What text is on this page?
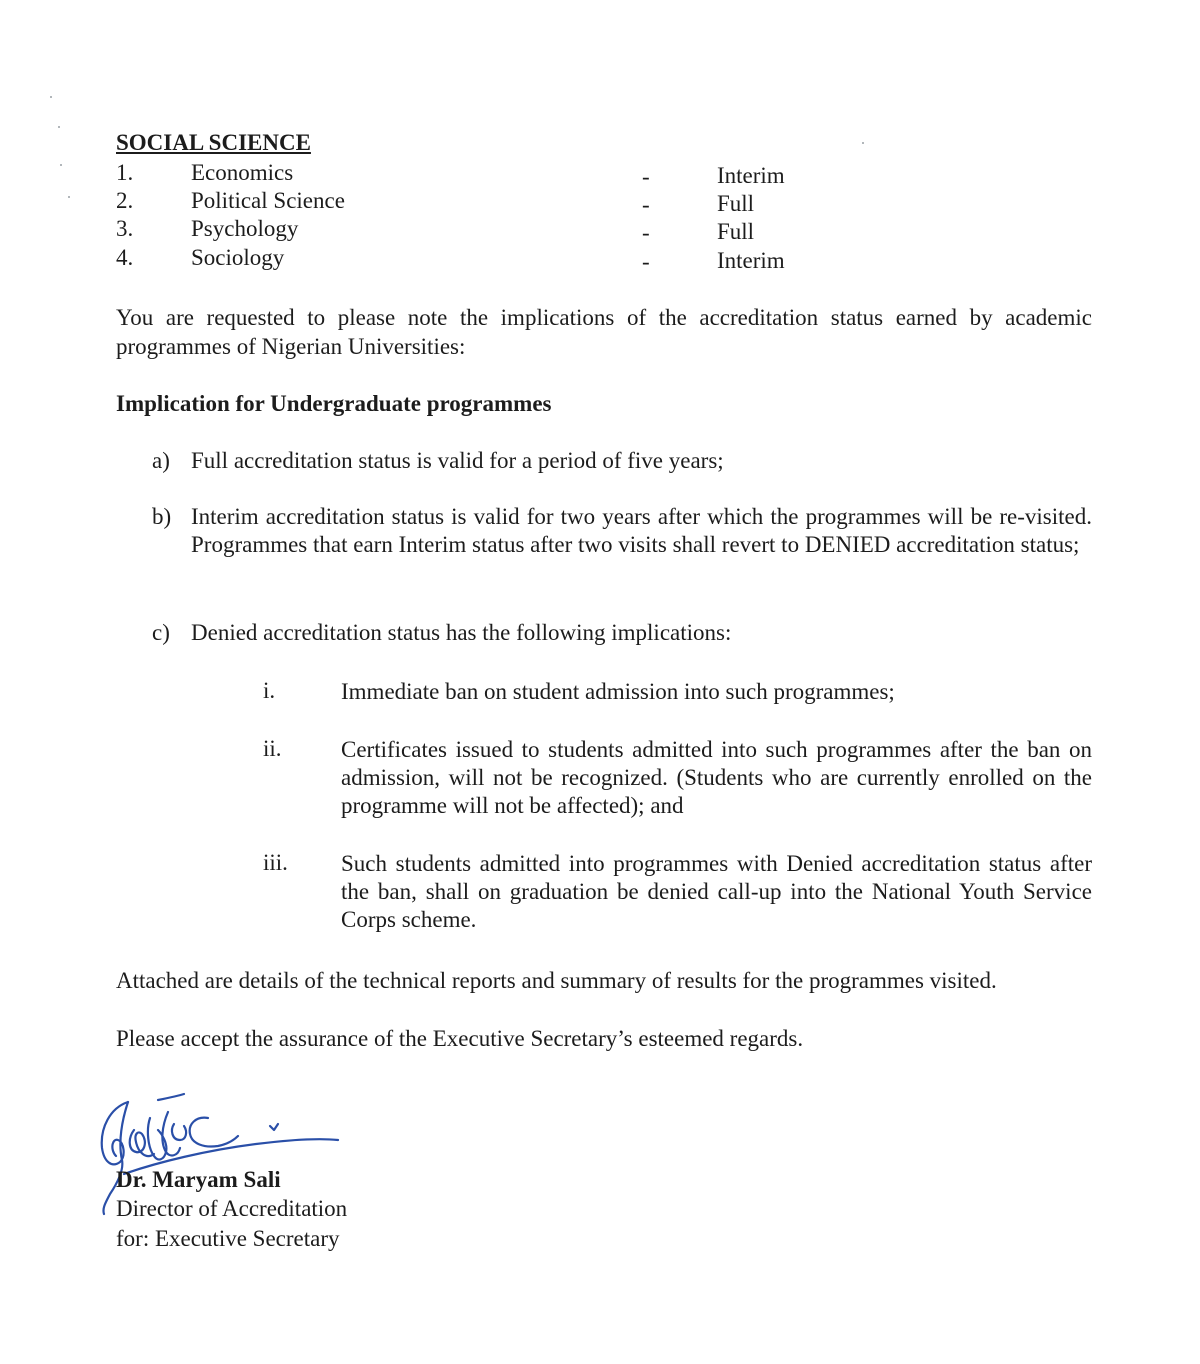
SOCIAL SCIENCE
1.	Economics	-	Interim
2.	Political Science	-	Full
3.	Psychology	-	Full
4.	Sociology	-	Interim
You are requested to please note the implications of the accreditation status earned by academic programmes of Nigerian Universities:
Implication for Undergraduate programmes
a) Full accreditation status is valid for a period of five years;
b) Interim accreditation status is valid for two years after which the programmes will be re-visited. Programmes that earn Interim status after two visits shall revert to DENIED accreditation status;
c) Denied accreditation status has the following implications:
i.	Immediate ban on student admission into such programmes;
ii.	Certificates issued to students admitted into such programmes after the ban on admission, will not be recognized. (Students who are currently enrolled on the programme will not be affected); and
iii. Such students admitted into programmes with Denied accreditation status after the ban, shall on graduation be denied call-up into the National Youth Service Corps scheme.
Attached are details of the technical reports and summary of results for the programmes visited.
Please accept the assurance of the Executive Secretary’s esteemed regards.
Dr. Maryam Sali
Director of Accreditation
for: Executive Secretary
